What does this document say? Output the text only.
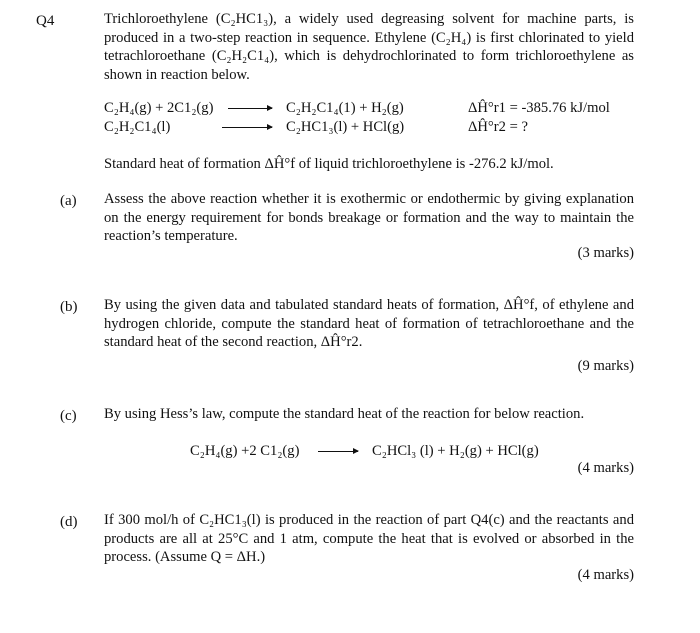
Q4	Trichloroethylene (C₂HC1₃), a widely used degreasing solvent for machine parts, is produced in a two-step reaction in sequence. Ethylene (C₂H₄) is first chlorinated to yield tetrachloroethane (C₂H₂C1₄), which is dehydrochlorinated to form trichloroethylene as shown in reaction below.
C₂H₄(g) + 2C1₂(g) → C₂H₂C1₄(1) + H₂(g)	ΔĤ°r1 = -385.76 kJ/mol
C₂H₂C1₄(l)	→ C₂HC1₃(l) + HCl(g)	ΔĤ°r2 = ?
Standard heat of formation ΔĤ°f of liquid trichloroethylene is -276.2 kJ/mol.
(a) Assess the above reaction whether it is exothermic or endothermic by giving explanation on the energy requirement for bonds breakage or formation and the way to maintain the reaction’s temperature.
(3 marks)
(b) By using the given data and tabulated standard heats of formation, ΔĤ°f, of ethylene and hydrogen chloride, compute the standard heat of formation of tetrachloroethane and the standard heat of the second reaction, ΔĤ°r2.
(9 marks)
(c) By using Hess’s law, compute the standard heat of the reaction for below reaction.
C₂H₄(g) +2 C1₂(g)	C₂HCl₃ (l) + H₂(g) + HCl(g)
(4 marks)
(d) If 300 mol/h of C₂HC1₃(l) is produced in the reaction of part Q4(c) and the reactants and products are all at 25°C and 1 atm, compute the heat that is evolved or absorbed in the process. (Assume Q = ΔH.)
(4 marks)
